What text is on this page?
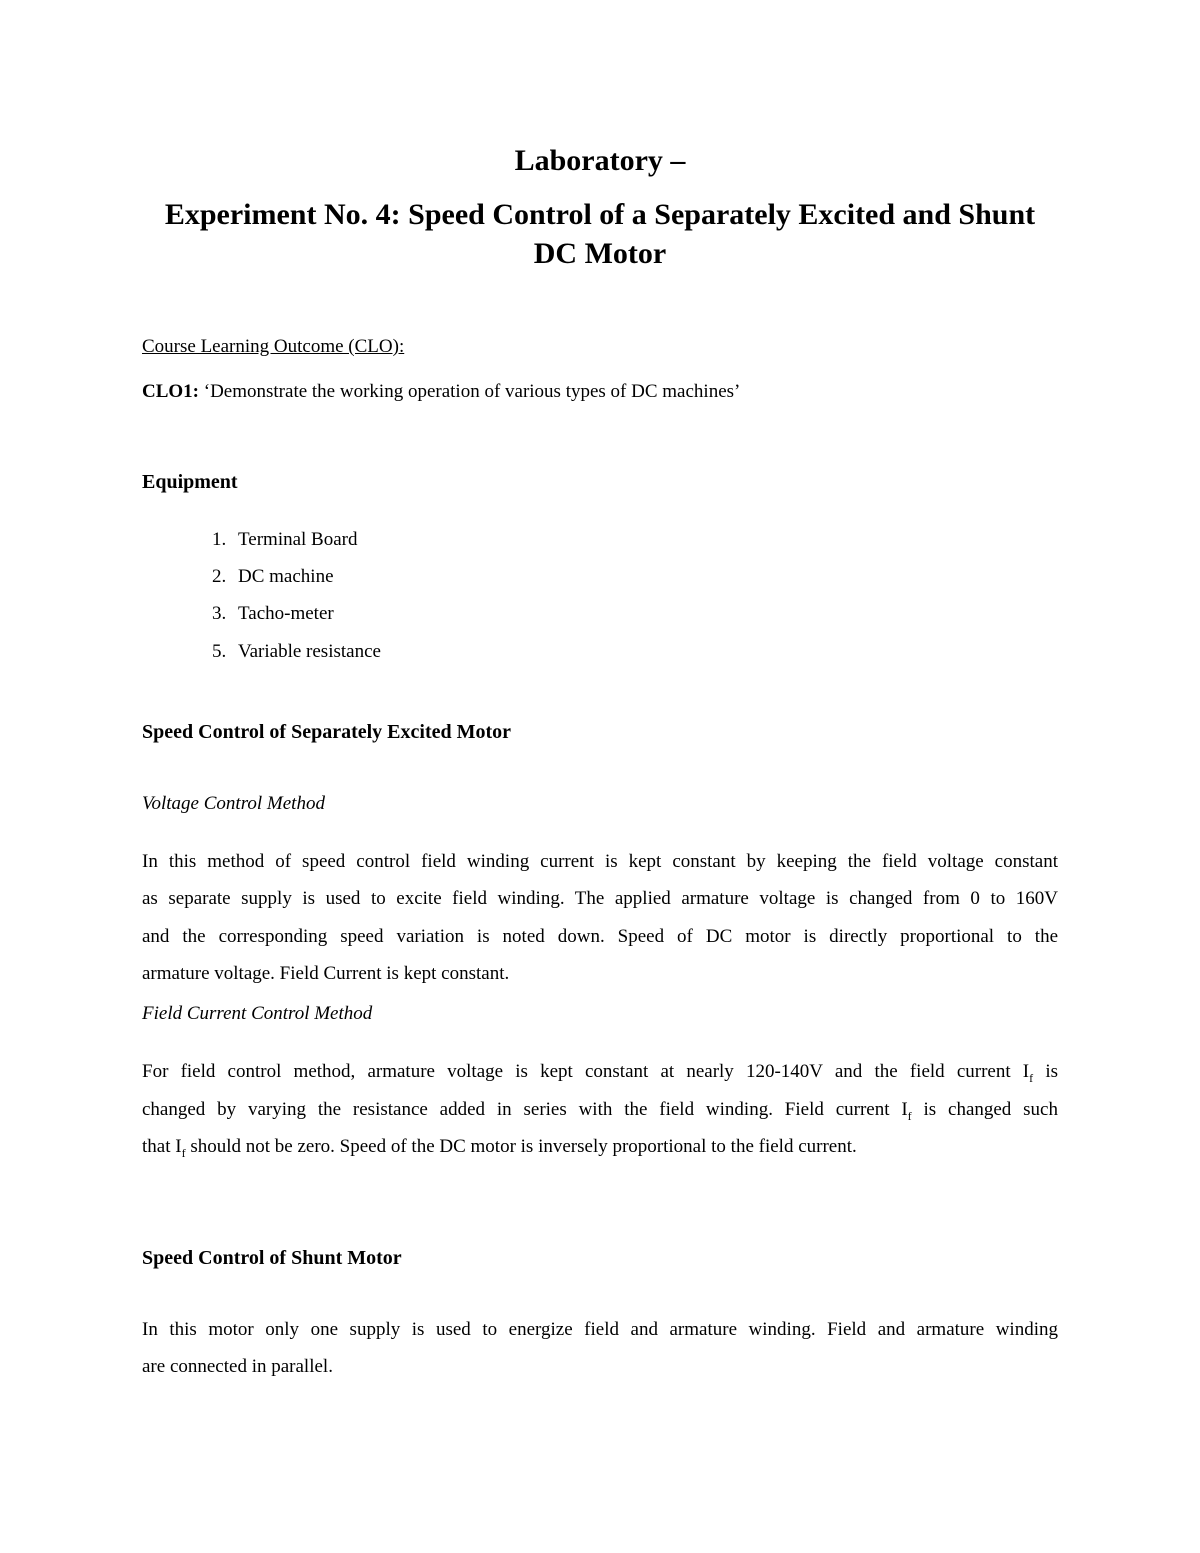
Laboratory –
Experiment No. 4: Speed Control of a Separately Excited and Shunt
DC Motor

Course Learning Outcome (CLO):

CLO1: ‘Demonstrate the working operation of various types of DC machines’

Equipment

1. Terminal Board
2. DC machine
3. Tacho-meter
5. Variable resistance

Speed Control of Separately Excited Motor

Voltage Control Method

In this method of speed control field winding current is kept constant by keeping the field voltage constant

as separate supply is used to excite field winding. The applied armature voltage is changed from 0 to 160V

and the corresponding speed variation is noted down. Speed of DC motor is directly proportional to the

armature voltage. Field Current is kept constant.

Field Current Control Method

For field control method, armature voltage is kept constant at nearly 120-140V and the field current $I_f$ is

changed by varying the resistance added in series with the field winding. Field current $I_f$ is changed such

that $I_f$ should not be zero. Speed of the DC motor is inversely proportional to the field current.

Speed Control of Shunt Motor

In this motor only one supply is used to energize field and armature winding. Field and armature winding

are connected in parallel.
